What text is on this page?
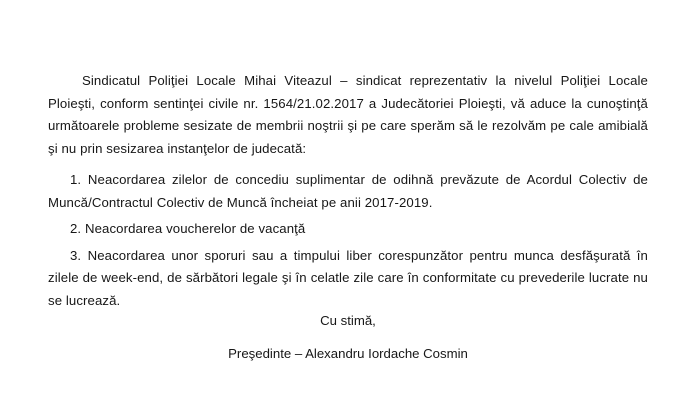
Sindicatul Poliţiei Locale Mihai Viteazul – sindicat reprezentativ la nivelul Poliţiei Locale Ploieşti, conform sentinţei civile nr. 1564/21.02.2017 a Judecătoriei Ploieşti, vă aduce la cunoştinţă următoarele probleme sesizate de membrii noştrii şi pe care sperăm să le rezolvăm pe cale amibială şi nu prin sesizarea instanţelor de judecată:

1. Neacordarea zilelor de concediu suplimentar de odihnă prevăzute de Acordul Colectiv de Muncă/Contractul Colectiv de Muncă încheiat pe anii 2017-2019.

2. Neacordarea voucherelor de vacanţă

3. Neacordarea unor sporuri sau a timpului liber corespunzător pentru munca desfăşurată în zilele de week-end, de sărbători legale şi în celatle zile care în conformitate cu prevederile lucrate nu se lucrează.

Cu stimă,

Preşedinte – Alexandru Iordache Cosmin
